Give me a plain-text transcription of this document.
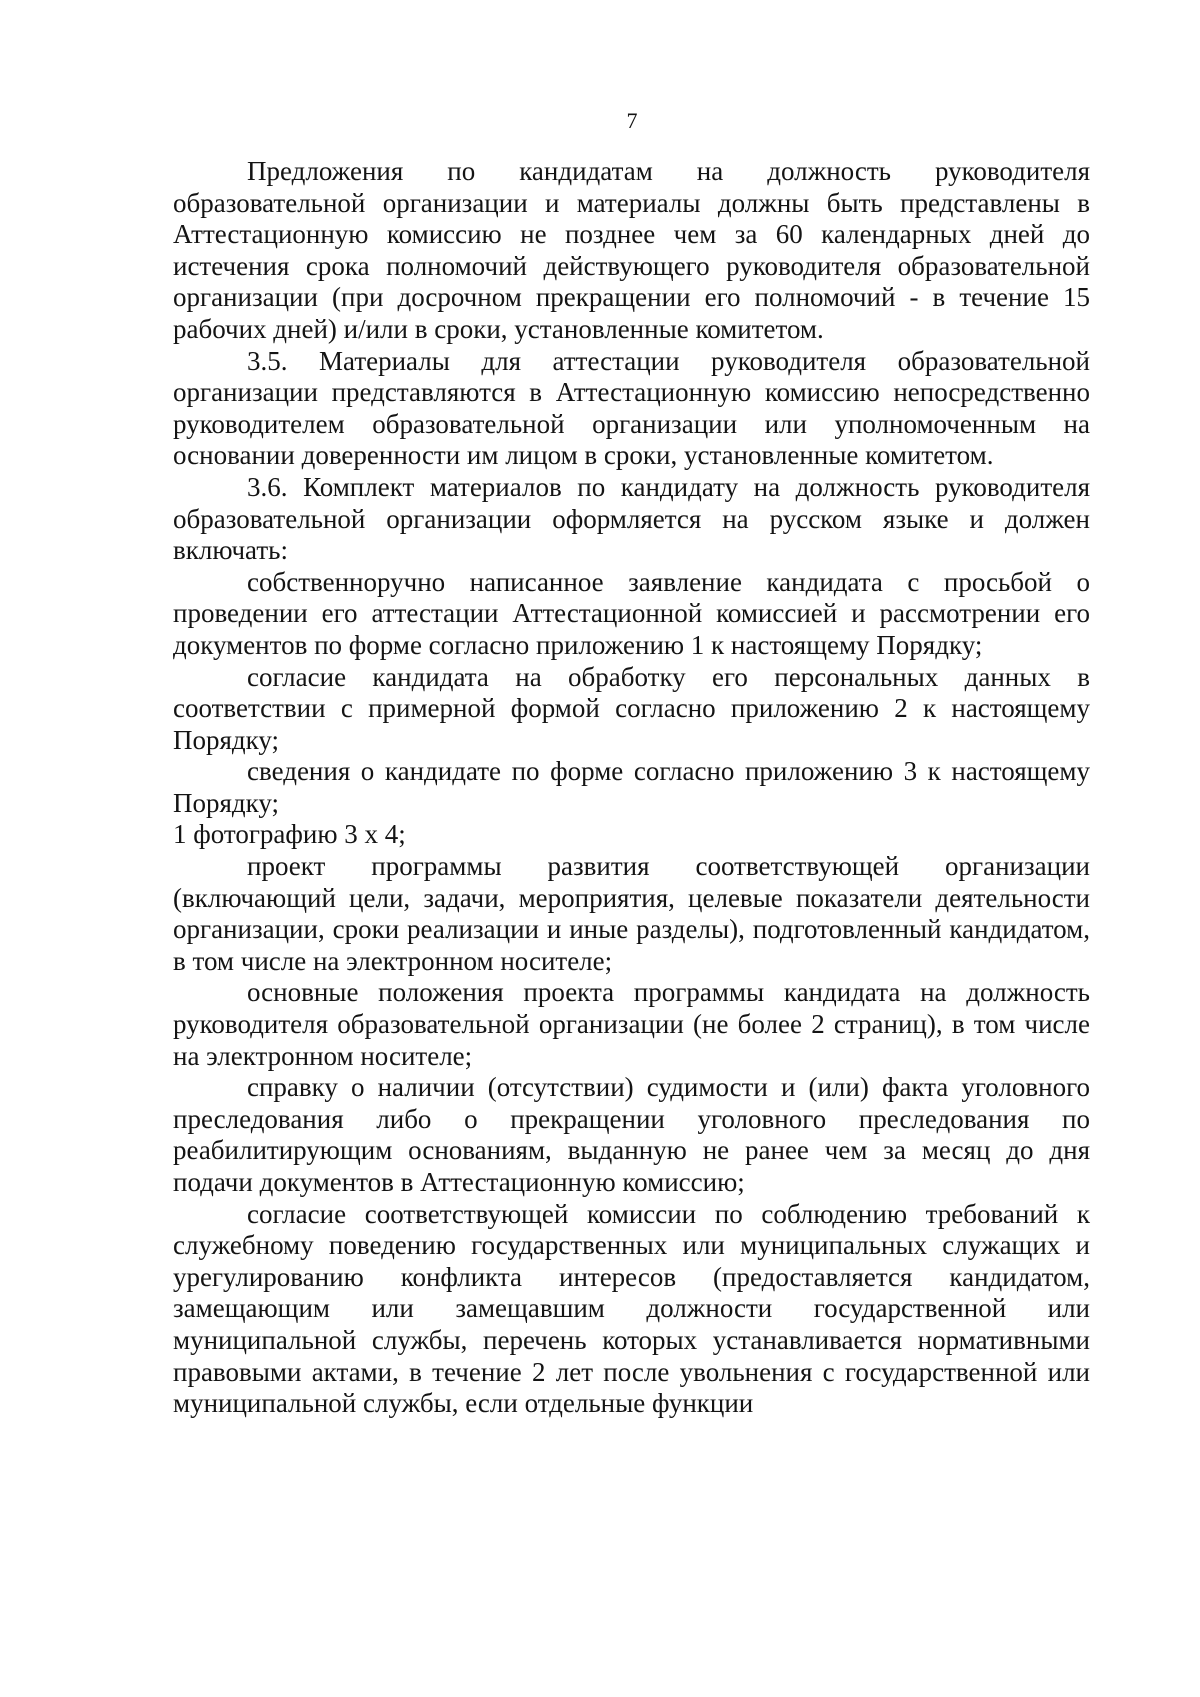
7

Предложения по кандидатам на должность руководителя образовательной организации и материалы должны быть представлены в Аттестационную комиссию не позднее чем за 60 календарных дней до истечения срока полномочий действующего руководителя образовательной организации (при досрочном прекращении его полномочий - в течение 15 рабочих дней) и/или в сроки, установленные комитетом.

3.5. Материалы для аттестации руководителя образовательной организации представляются в Аттестационную комиссию непосредственно руководителем образовательной организации или уполномоченным на основании доверенности им лицом в сроки, установленные комитетом.

3.6. Комплект материалов по кандидату на должность руководителя образовательной организации оформляется на русском языке и должен включать:

собственноручно написанное заявление кандидата с просьбой о проведении его аттестации Аттестационной комиссией и рассмотрении его документов по форме согласно приложению 1 к настоящему Порядку;

согласие кандидата на обработку его персональных данных в соответствии с примерной формой согласно приложению 2 к настоящему Порядку;

сведения о кандидате по форме согласно приложению 3 к настоящему Порядку;

1 фотографию 3 х 4;

проект программы развития соответствующей организации (включающий цели, задачи, мероприятия, целевые показатели деятельности организации, сроки реализации и иные разделы), подготовленный кандидатом, в том числе на электронном носителе;

основные положения проекта программы кандидата на должность руководителя образовательной организации (не более 2 страниц), в том числе на электронном носителе;

справку о наличии (отсутствии) судимости и (или) факта уголовного преследования либо о прекращении уголовного преследования по реабилитирующим основаниям, выданную не ранее чем за месяц до дня подачи документов в Аттестационную комиссию;

согласие соответствующей комиссии по соблюдению требований к служебному поведению государственных или муниципальных служащих и урегулированию конфликта интересов (предоставляется кандидатом, замещающим или замещавшим должности государственной или муниципальной службы, перечень которых устанавливается нормативными правовыми актами, в течение 2 лет после увольнения с государственной или муниципальной службы, если отдельные функции
